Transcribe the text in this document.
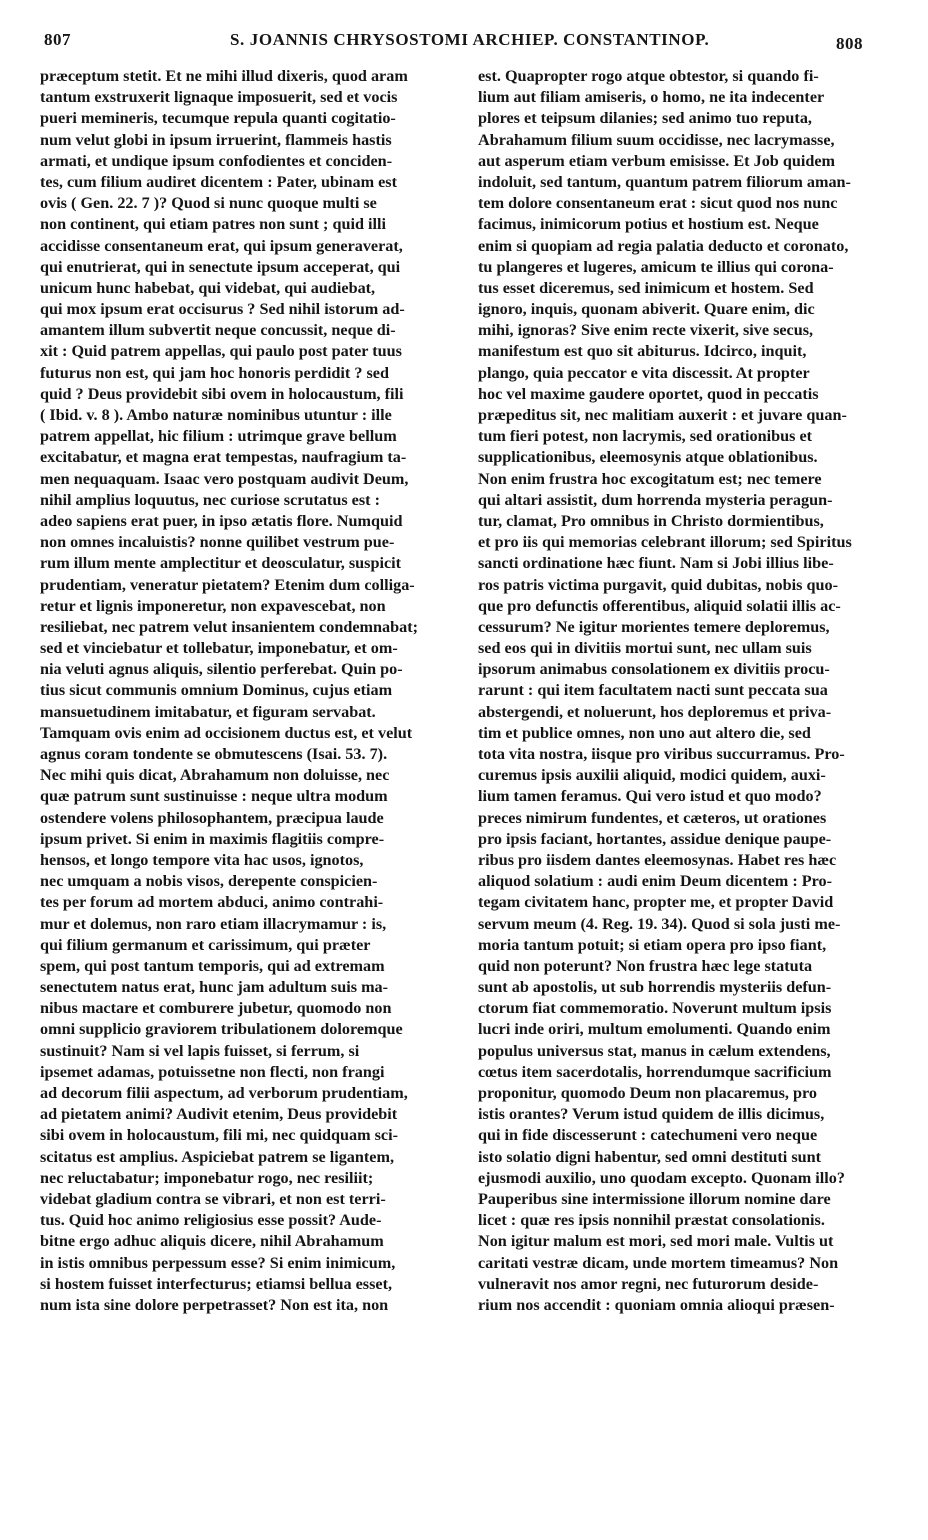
807	S. JOANNIS CHRYSOSTOMI ARCHIEP. CONSTANTINOP.	808
præceptum stetit. Et ne mihi illud dixeris, quod aram
tantum exstruxerit lignaque imposuerit, sed et vocis
pueri memineris, tecumque repula quanti cogitatio-
num velut globi in ipsum irruerint, flammeis hastis
armati, et undique ipsum confodientes et conciden-
tes, cum filium audiret dicentem : Pater, ubinam est
ovis ( Gen. 22. 7 )? Quod si nunc quoque multi se
non continent, qui etiam patres non sunt ; quid illi
accidisse consentaneum erat, qui ipsum generaverat,
qui enutrierat, qui in senectute ipsum acceperat, qui
unicum hunc habebat, qui videbat, qui audiebat,
qui mox ipsum erat occisurus ? Sed nihil istorum ad-
amantem illum subvertit neque concussit, neque di-
xit : Quid patrem appellas, qui paulo post pater tuus
futurus non est, qui jam hoc honoris perdidit ? sed
quid ? Deus providebit sibi ovem in holocaustum, fili
( Ibid. v. 8 ). Ambo naturæ nominibus utuntur : ille
patrem appellat, hic filium : utrimque grave bellum
excitabatur, et magna erat tempestas, naufragium ta-
men nequaquam. Isaac vero postquam audivit Deum,
nihil amplius loquutus, nec curiose scrutatus est :
adeo sapiens erat puer, in ipso ætatis flore. Numquid
non omnes incaluistis? nonne quilibet vestrum pue-
rum illum mente amplectitur et deosculatur, suspicit
prudentiam, veneratur pietatem? Etenim dum colliga-
retur et lignis imponeretur, non expavescebat, non
resiliebat, nec patrem velut insanientem condemnabat;
sed et vinciebatur et tollebatur, imponebatur, et om-
nia veluti agnus aliquis, silentio perferebat. Quin po-
tius sicut communis omnium Dominus, cujus etiam
mansuetudinem imitabatur, et figuram servabat.
Tamquam ovis enim ad occisionem ductus est, et velut
agnus coram tondente se obmutescens (Isai. 53. 7).
Nec mihi quis dicat, Abrahamum non doluisse, nec
quæ patrum sunt sustinuisse : neque ultra modum
ostendere volens philosophantem, præcipua laude
ipsum privet. Si enim in maximis flagitiis compre-
hensos, et longo tempore vita hac usos, ignotos,
nec umquam a nobis visos, derepente conspicien-
tes per forum ad mortem abduci, animo contrahi-
mur et dolemus, non raro etiam illacrymamur : is,
qui filium germanum et carissimum, qui præter
spem, qui post tantum temporis, qui ad extremam
senectutem natus erat, hunc jam adultum suis ma-
nibus mactare et comburere jubetur, quomodo non
omni supplicio graviorem tribulationem doloremque
sustinuit? Nam si vel lapis fuisset, si ferrum, si
ipsemet adamas, potuissetne non flecti, non frangi
ad decorum filii aspectum, ad verborum prudentiam,
ad pietatem animi? Audivit etenim, Deus providebit
sibi ovem in holocaustum, fili mi, nec quidquam sci-
scitatus est amplius. Aspiciebat patrem se ligantem,
nec reluctabatur; imponebatur rogo, nec resiliit;
videbat gladium contra se vibrari, et non est terri-
tus. Quid hoc animo religiosius esse possit? Aude-
bitne ergo adhuc aliquis dicere, nihil Abrahamum
in istis omnibus perpessum esse? Si enim inimicum,
si hostem fuisset interfecturus; etiamsi bellua esset,
num ista sine dolore perpetrasset? Non est ita, non
est. Quapropter rogo atque obtestor, si quando fi-
lium aut filiam amiseris, o homo, ne ita indecenter
plores et teipsum dilanies; sed animo tuo reputa,
Abrahamum filium suum occidisse, nec lacrymasse,
aut asperum etiam verbum emisisse. Et Job quidem
indoluit, sed tantum, quantum patrem filiorum aman-
tem dolore consentaneum erat : sicut quod nos nunc
facimus, inimicorum potius et hostium est. Neque
enim si quopiam ad regia palatia deducto et coronato,
tu plangeres et lugeres, amicum te illius qui corona-
tus esset diceremus, sed inimicum et hostem. Sed
ignoro, inquis, quonam abiverit. Quare enim, dic
mihi, ignoras? Sive enim recte vixerit, sive secus,
manifestum est quo sit abiturus. Idcirco, inquit,
plango, quia peccator e vita discessit. At propter
hoc vel maxime gaudere oportet, quod in peccatis
præpeditus sit, nec malitiam auxerit : et juvare quan-
tum fieri potest, non lacrymis, sed orationibus et
supplicationibus, eleemosynis atque oblationibus.
Non enim frustra hoc excogitatum est; nec temere
qui altari assistit, dum horrenda mysteria peragun-
tur, clamat, Pro omnibus in Christo dormientibus,
et pro iis qui memorias celebrant illorum; sed Spiritus
sancti ordinatione hæc fiunt. Nam si Jobi illius libe-
ros patris victima purgavit, quid dubitas, nobis quo-
que pro defunctis offerentibus, aliquid solatii illis ac-
cessurum? Ne igitur morientes temere deploremus,
sed eos qui in divitiis mortui sunt, nec ullam suis
ipsorum animabus consolationem ex divitiis procu-
rarunt : qui item facultatem nacti sunt peccata sua
abstergendi, et noluerunt, hos deploremus et priva-
tim et publice omnes, non uno aut altero die, sed
tota vita nostra, iisque pro viribus succurramus. Pro-
curemus ipsis auxilii aliquid, modici quidem, auxi-
lium tamen feramus. Qui vero istud et quo modo?
preces nimirum fundentes, et cæteros, ut orationes
pro ipsis faciant, hortantes, assidue denique paupe-
ribus pro iisdem dantes eleemosynas. Habet res hæc
aliquod solatium : audi enim Deum dicentem : Pro-
tegam civitatem hanc, propter me, et propter David
servum meum (4. Reg. 19. 34). Quod si sola justi me-
moria tantum potuit; si etiam opera pro ipso fiant,
quid non poterunt? Non frustra hæc lege statuta
sunt ab apostolis, ut sub horrendis mysteriis defun-
ctorum fiat commemoratio. Noverunt multum ipsis
lucri inde oriri, multum emolumenti. Quando enim
populus universus stat, manus in cælum extendens,
cœtus item sacerdotalis, horrendumque sacrificium
proponitur, quomodo Deum non placaremus, pro
istis orantes? Verum istud quidem de illis dicimus,
qui in fide discesserunt : catechumeni vero neque
isto solatio digni habentur, sed omni destituti sunt
ejusmodi auxilio, uno quodam excepto. Quonam illo?
Pauperibus sine intermissione illorum nomine dare
licet : quæ res ipsis nonnihil præstat consolationis.
Non igitur malum est mori, sed mori male. Vultis ut
caritati vestræ dicam, unde mortem timeamus? Non
vulneravit nos amor regni, nec futurorum deside-
rium nos accendit : quoniam omnia alioqui præsen-
